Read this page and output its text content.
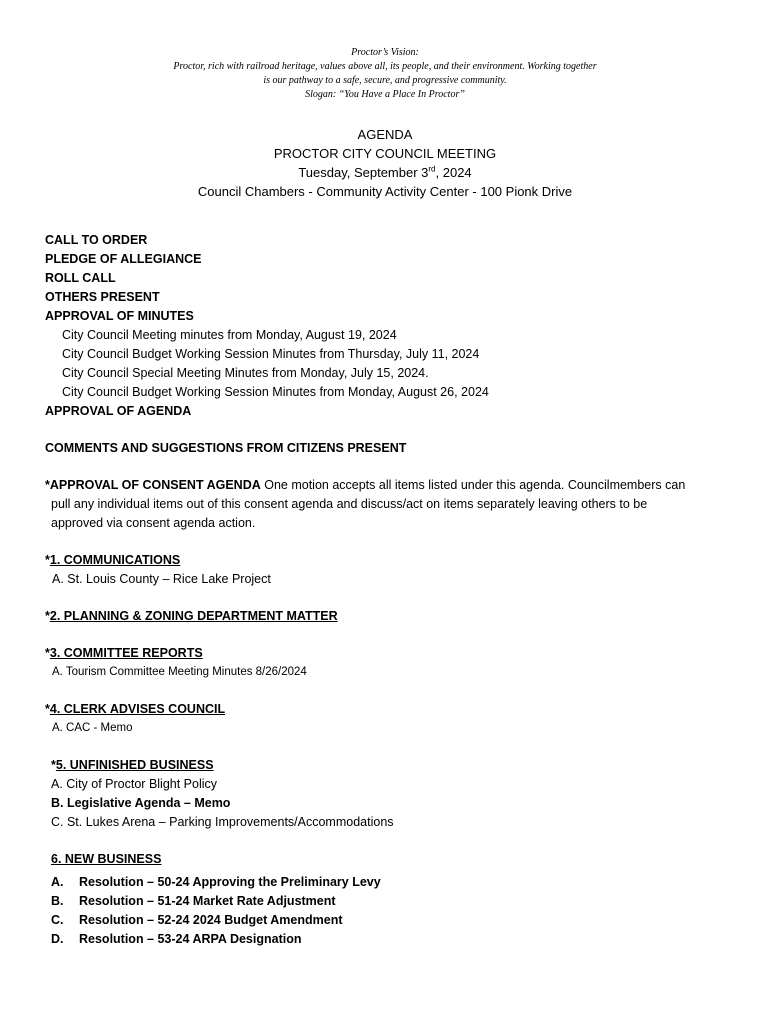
Proctor’s Vision:
Proctor, rich with railroad heritage, values above all, its people, and their environment. Working together
is our pathway to a safe, secure, and progressive community.
Slogan: “You Have a Place In Proctor”
AGENDA
PROCTOR CITY COUNCIL MEETING
Tuesday, September 3rd, 2024
Council Chambers - Community Activity Center - 100 Pionk Drive
CALL TO ORDER
PLEDGE OF ALLEGIANCE
ROLL CALL
OTHERS PRESENT
APPROVAL OF MINUTES
City Council Meeting minutes from Monday, August 19, 2024
City Council Budget Working Session Minutes from Thursday, July 11, 2024
City Council Special Meeting Minutes from Monday, July 15, 2024.
City Council Budget Working Session Minutes from Monday, August 26, 2024
APPROVAL OF AGENDA
COMMENTS AND SUGGESTIONS FROM CITIZENS PRESENT
*APPROVAL OF CONSENT AGENDA One motion accepts all items listed under this agenda. Councilmembers can
pull any individual items out of this consent agenda and discuss/act on items separately leaving others to be
approved via consent agenda action.
*1. COMMUNICATIONS
A. St. Louis County – Rice Lake Project
*2. PLANNING & ZONING DEPARTMENT MATTER
*3. COMMITTEE REPORTS
A. Tourism Committee Meeting Minutes 8/26/2024
*4. CLERK ADVISES COUNCIL
A. CAC - Memo
*5. UNFINISHED BUSINESS
A. City of Proctor Blight Policy
B. Legislative Agenda – Memo
C. St. Lukes Arena – Parking Improvements/Accommodations
6. NEW BUSINESS
A.	Resolution – 50-24 Approving the Preliminary Levy
B.	Resolution – 51-24 Market Rate Adjustment
C.	Resolution – 52-24 2024 Budget Amendment
D.	Resolution – 53-24 ARPA Designation
